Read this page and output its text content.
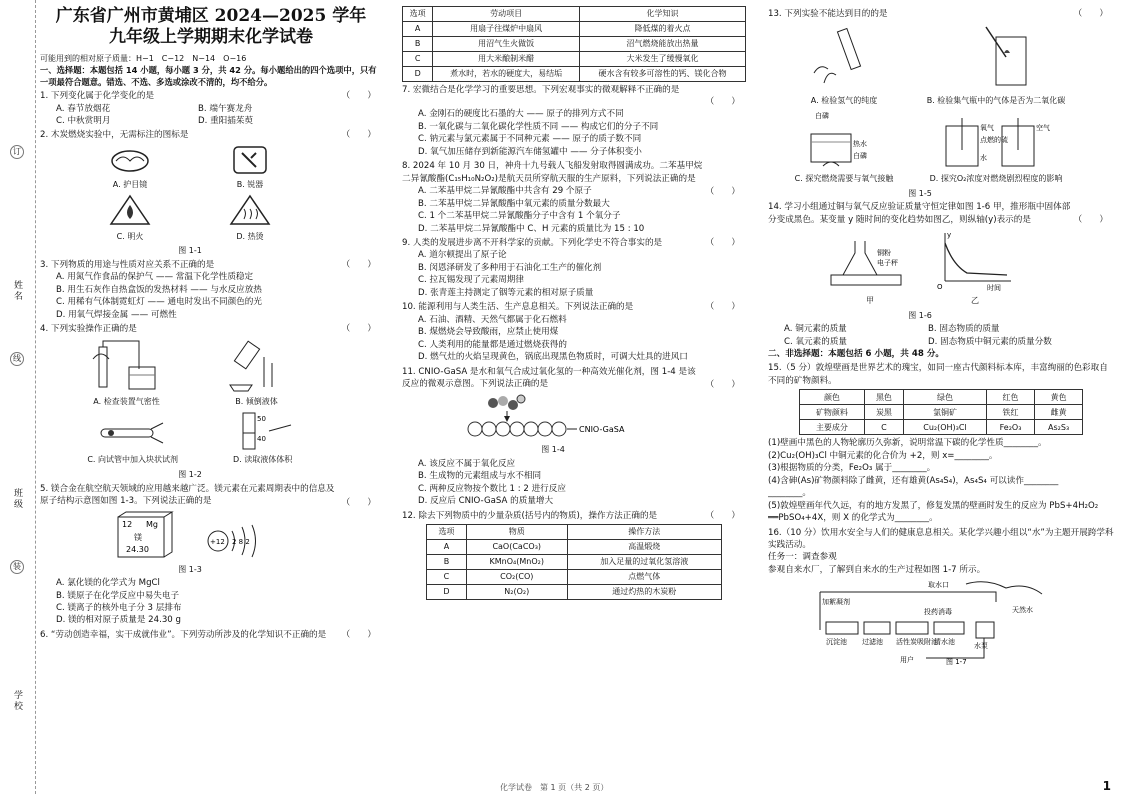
订
线
装
姓名
班级
学校
广东省广州市黄埔区 2024—2025 学年
九年级上学期期末化学试卷
可能用到的相对原子质量：H−1　C−12　N−14　O−16
一、选择题：本题包括 14 小题，每小题 3 分，共 42 分。每小题给出的四个选项中，只有一项最符合题意。错选、不选、多选或涂改不清的，均不给分。
1. 下列变化属于化学变化的是	（　　）
A. 春节放烟花	B. 端午赛龙舟
C. 中秋赏明月	D. 重阳插茱萸
2. 木炭燃烧实验中，无需标注的图标是	（　　）
A. 护目镜	B. 锐器
C. 明火	D. 热烫
图 1-1
3. 下列物质的用途与性质对应关系不正确的是	（　　）
A. 用氮气作食品的保护气 —— 常温下化学性质稳定
B. 用生石灰作自热盒饭的发热材料 —— 与水反应放热
C. 用稀有气体制霓虹灯 —— 通电时发出不同颜色的光
D. 用氧气焊接金属 —— 可燃性
4. 下列实验操作正确的是	（　　）
A. 检查装置气密性	B. 倾倒液体
C. 向试管中加入块状试剂
50
40
D. 读取液体体积
图 1-2
5. 镁合金在航空航天领域的应用越来越广泛。镁元素在元素周期表中的信息及原子结构示意图如图 1-3。下列说法正确的是	（　　）
12 Mg
镁
24.30
+12 2 8 2
图 1-3
A. 氯化镁的化学式为 MgCl
B. 镁原子在化学反应中易失电子
C. 镁离子的核外电子分 3 层排布
D. 镁的相对原子质量是 24.30 g
6. “劳动创造幸福，实干成就伟业”。下列劳动所涉及的化学知识不正确的是	（　　）
选项	劳动项目	化学知识
A	用扇子往煤炉中扇风	降低煤的着火点
B	用沼气生火做饭	沼气燃烧能放出热量
C	用大米酿制米醋	大米发生了缓慢氧化
D	煮水时，若水的硬度大，易结垢	硬水含有较多可溶性的钙、镁化合物
7. 宏微结合是化学学习的重要思想。下列宏观事实的微观解释不正确的是
（　　）
A. 金刚石的硬度比石墨的大 —— 原子的排列方式不同
B. 一氧化碳与二氧化碳化学性质不同 —— 构成它们的分子不同
C. 钠元素与氯元素属于不同种元素 —— 原子的质子数不同
D. 氧气加压储存到新能源汽车储氢罐中 —— 分子体积变小
8. 2024 年 10 月 30 日，神舟十九号载人飞船发射取得圆满成功。二苯基甲烷二异氰酸酯(C₁₅H₁₀N₂O₂)是航天员所穿航天服的生产原料，下列说法正确的是
（　　）
A. 二苯基甲烷二异氰酸酯中共含有 29 个原子
B. 二苯基甲烷二异氰酸酯中氧元素的质量分数最大
C. 1 个二苯基甲烷二异氰酸酯分子中含有 1 个氧分子
D. 二苯基甲烷二异氰酸酯中 C、H 元素的质量比为 15 : 10
9. 人类的发展进步离不开科学家的贡献。下列化学史不符合事实的是	（　　）
A. 道尔顿提出了原子论
B. 闵恩泽研发了多种用于石油化工生产的催化剂
C. 拉瓦锡发现了元素周期律
D. 张青莲主持测定了铟等元素的相对原子质量
10. 能源利用与人类生活、生产息息相关。下列说法正确的是	（　　）
A. 石油、酒精、天然气都属于化石燃料
B. 煤燃烧会导致酸雨，应禁止使用煤
C. 人类利用的能量都是通过燃烧获得的
D. 燃气灶的火焰呈现黄色，锅底出现黑色物质时，可调大灶具的进风口
11. CNIO-GaSA 是水和氧气合成过氧化氢的一种高效光催化剂，图 1-4 是该反应的微观示意图。下列说法正确的是	（　　）
CNIO-GaSA
图 1-4
A. 该反应不属于氧化反应
B. 生成物的元素组成与水不相同
C. 两种反应物按个数比 1 : 2 进行反应
D. 反应后 CNIO-GaSA 的质量增大
12. 除去下列物质中的少量杂质(括号内的物质)，操作方法正确的是	（　　）
选项	物质	操作方法
A	CaO(CaCO₃)	高温煅烧
B	KMnO₄(MnO₂)	加入足量的过氧化氢溶液
C	CO₂(CO)	点燃气体
D	N₂(O₂)	通过灼热的木炭粉
13. 下列实验不能达到目的的是	（　　）
A. 检验氢气的纯度	B. 检验集气瓶中的气体是否为二氧化碳
白磷
热水
白磷
C. 探究燃烧需要与氧气接触
氧气
点燃的硫
空气
水
D. 探究O₂浓度对燃烧剧烈程度的影响
图 1-5
14. 学习小组通过铜与氧气反应验证质量守恒定律如图 1-6 甲，推形瓶中固体部分变成黑色。某变量 y 随时间的变化趋势如图乙，则纵轴(y)表示的是	（　　）
铜粉
电子秤
甲
y
O	时间
乙
图 1-6
A. 铜元素的质量	B. 固态物质的质量
C. 氧元素的质量	D. 固态物质中铜元素的质量分数
二、非选择题：本题包括 6 小题，共 48 分。
15.（5 分）敦煌壁画是世界艺术的瑰宝，如同一座古代颜料标本库，丰富绚丽的色彩取自不同的矿物颜料。
颜色	黑色	绿色	红色	黄色
矿物颜料	炭黑	氯铜矿	铁红	雌黄
主要成分	C	Cu₂(OH)₃Cl	Fe₂O₃	As₂S₃
(1)壁画中黑色的人物轮廓历久弥新，说明常温下碳的化学性质________。
(2)Cu₂(OH)₃Cl 中铜元素的化合价为 +2，则 x=________。
(3)根据物质的分类，Fe₂O₃ 属于________。
(4)含砷(As)矿物颜料除了雌黄，还有雄黄(As₄S₄)，As₄S₄ 可以读作________
________。
(5)敦煌壁画年代久远，有的地方发黑了，修复发黑的壁画时发生的反应为 PbS+4H₂O₂ ══PbSO₄+4X，则 X 的化学式为________。
16.（10 分）饮用水安全与人们的健康息息相关。某化学兴趣小组以“水”为主题开展跨学科实践活动。
任务一：调查参观
参观自来水厂，了解到自来水的生产过程如图 1-7 所示。
取水口
加絮凝剂
天然水
投药消毒
沉淀池 过滤池 活性炭吸附池
清水池	水泵
用户	图 1-7
化学试卷　第 1 页（共 2 页）	1
